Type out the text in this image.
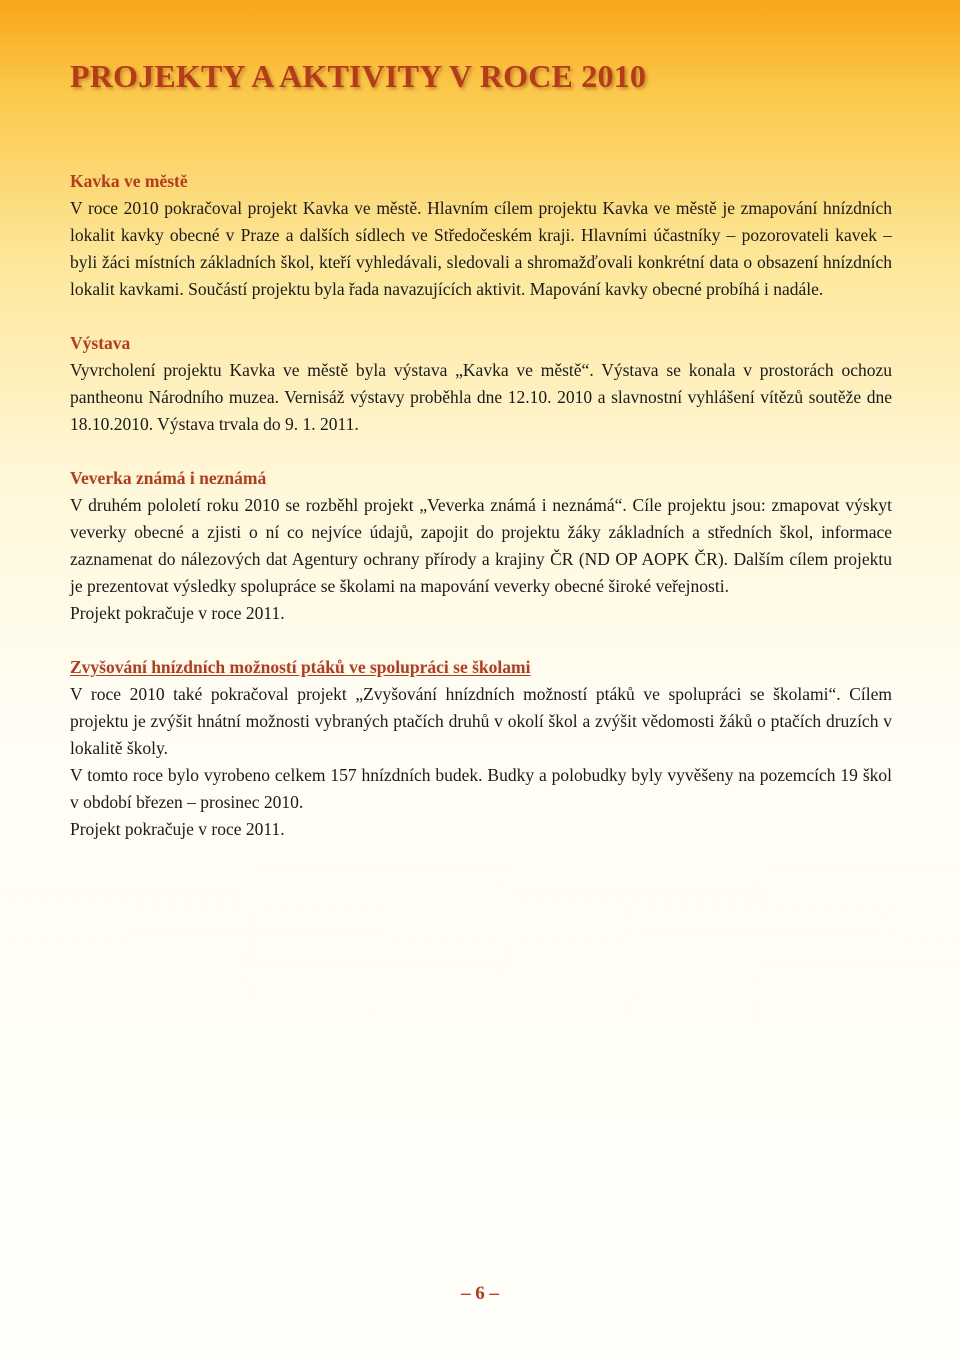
PROJEKTY A AKTIVITY V ROCE 2010

Kavka ve městě

V roce 2010 pokračoval projekt Kavka ve městě. Hlavním cílem projektu Kavka ve městě je zmapování hnízdních lokalit kavky obecné v Praze a dalších sídlech ve Středočeském kraji. Hlavními účastníky – pozorovateli kavek – byli žáci místních základních škol, kteří vyhledávali, sledovali a shromažďovali konkrétní data o obsazení hnízdních lokalit kavkami. Součástí projektu byla řada navazujících aktivit. Mapování kavky obecné probíhá i nadále.

Výstava

Vyvrcholení projektu Kavka ve městě byla výstava „Kavka ve městě“. Výstava se konala v prostorách ochozu pantheonu Národního muzea. Vernisáž výstavy proběhla dne 12.10. 2010 a slavnostní vyhlášení vítězů soutěže dne 18.10.2010. Výstava trvala do 9. 1. 2011.

Veverka známá i neznámá

V druhém pololetí roku 2010 se rozběhl projekt „Veverka známá i neznámá“. Cíle projektu jsou: zmapovat výskyt veverky obecné a zjisti o ní co nejvíce údajů, zapojit do projektu žáky základních a středních škol, informace zaznamenat do nálezových dat Agentury ochrany přírody a krajiny ČR (ND OP AOPK ČR). Dalším cílem projektu je prezentovat výsledky spolupráce se školami na mapování veverky obecné široké veřejnosti.

Projekt pokračuje v roce 2011.

Zvyšování hnízdních možností ptáků ve spolupráci se školami

V roce 2010 také pokračoval projekt „Zvyšování hnízdních možností ptáků ve spolupráci se školami“. Cílem projektu je zvýšit hnátní možnosti vybraných ptačích druhů v okolí škol a zvýšit vědomosti žáků o ptačích druzích v lokalitě školy.

V tomto roce bylo vyrobeno celkem 157 hnízdních budek. Budky a polobudky byly vyvěšeny na pozemcích 19 škol v období březen – prosinec 2010.

Projekt pokračuje v roce 2011.

– 6 –
